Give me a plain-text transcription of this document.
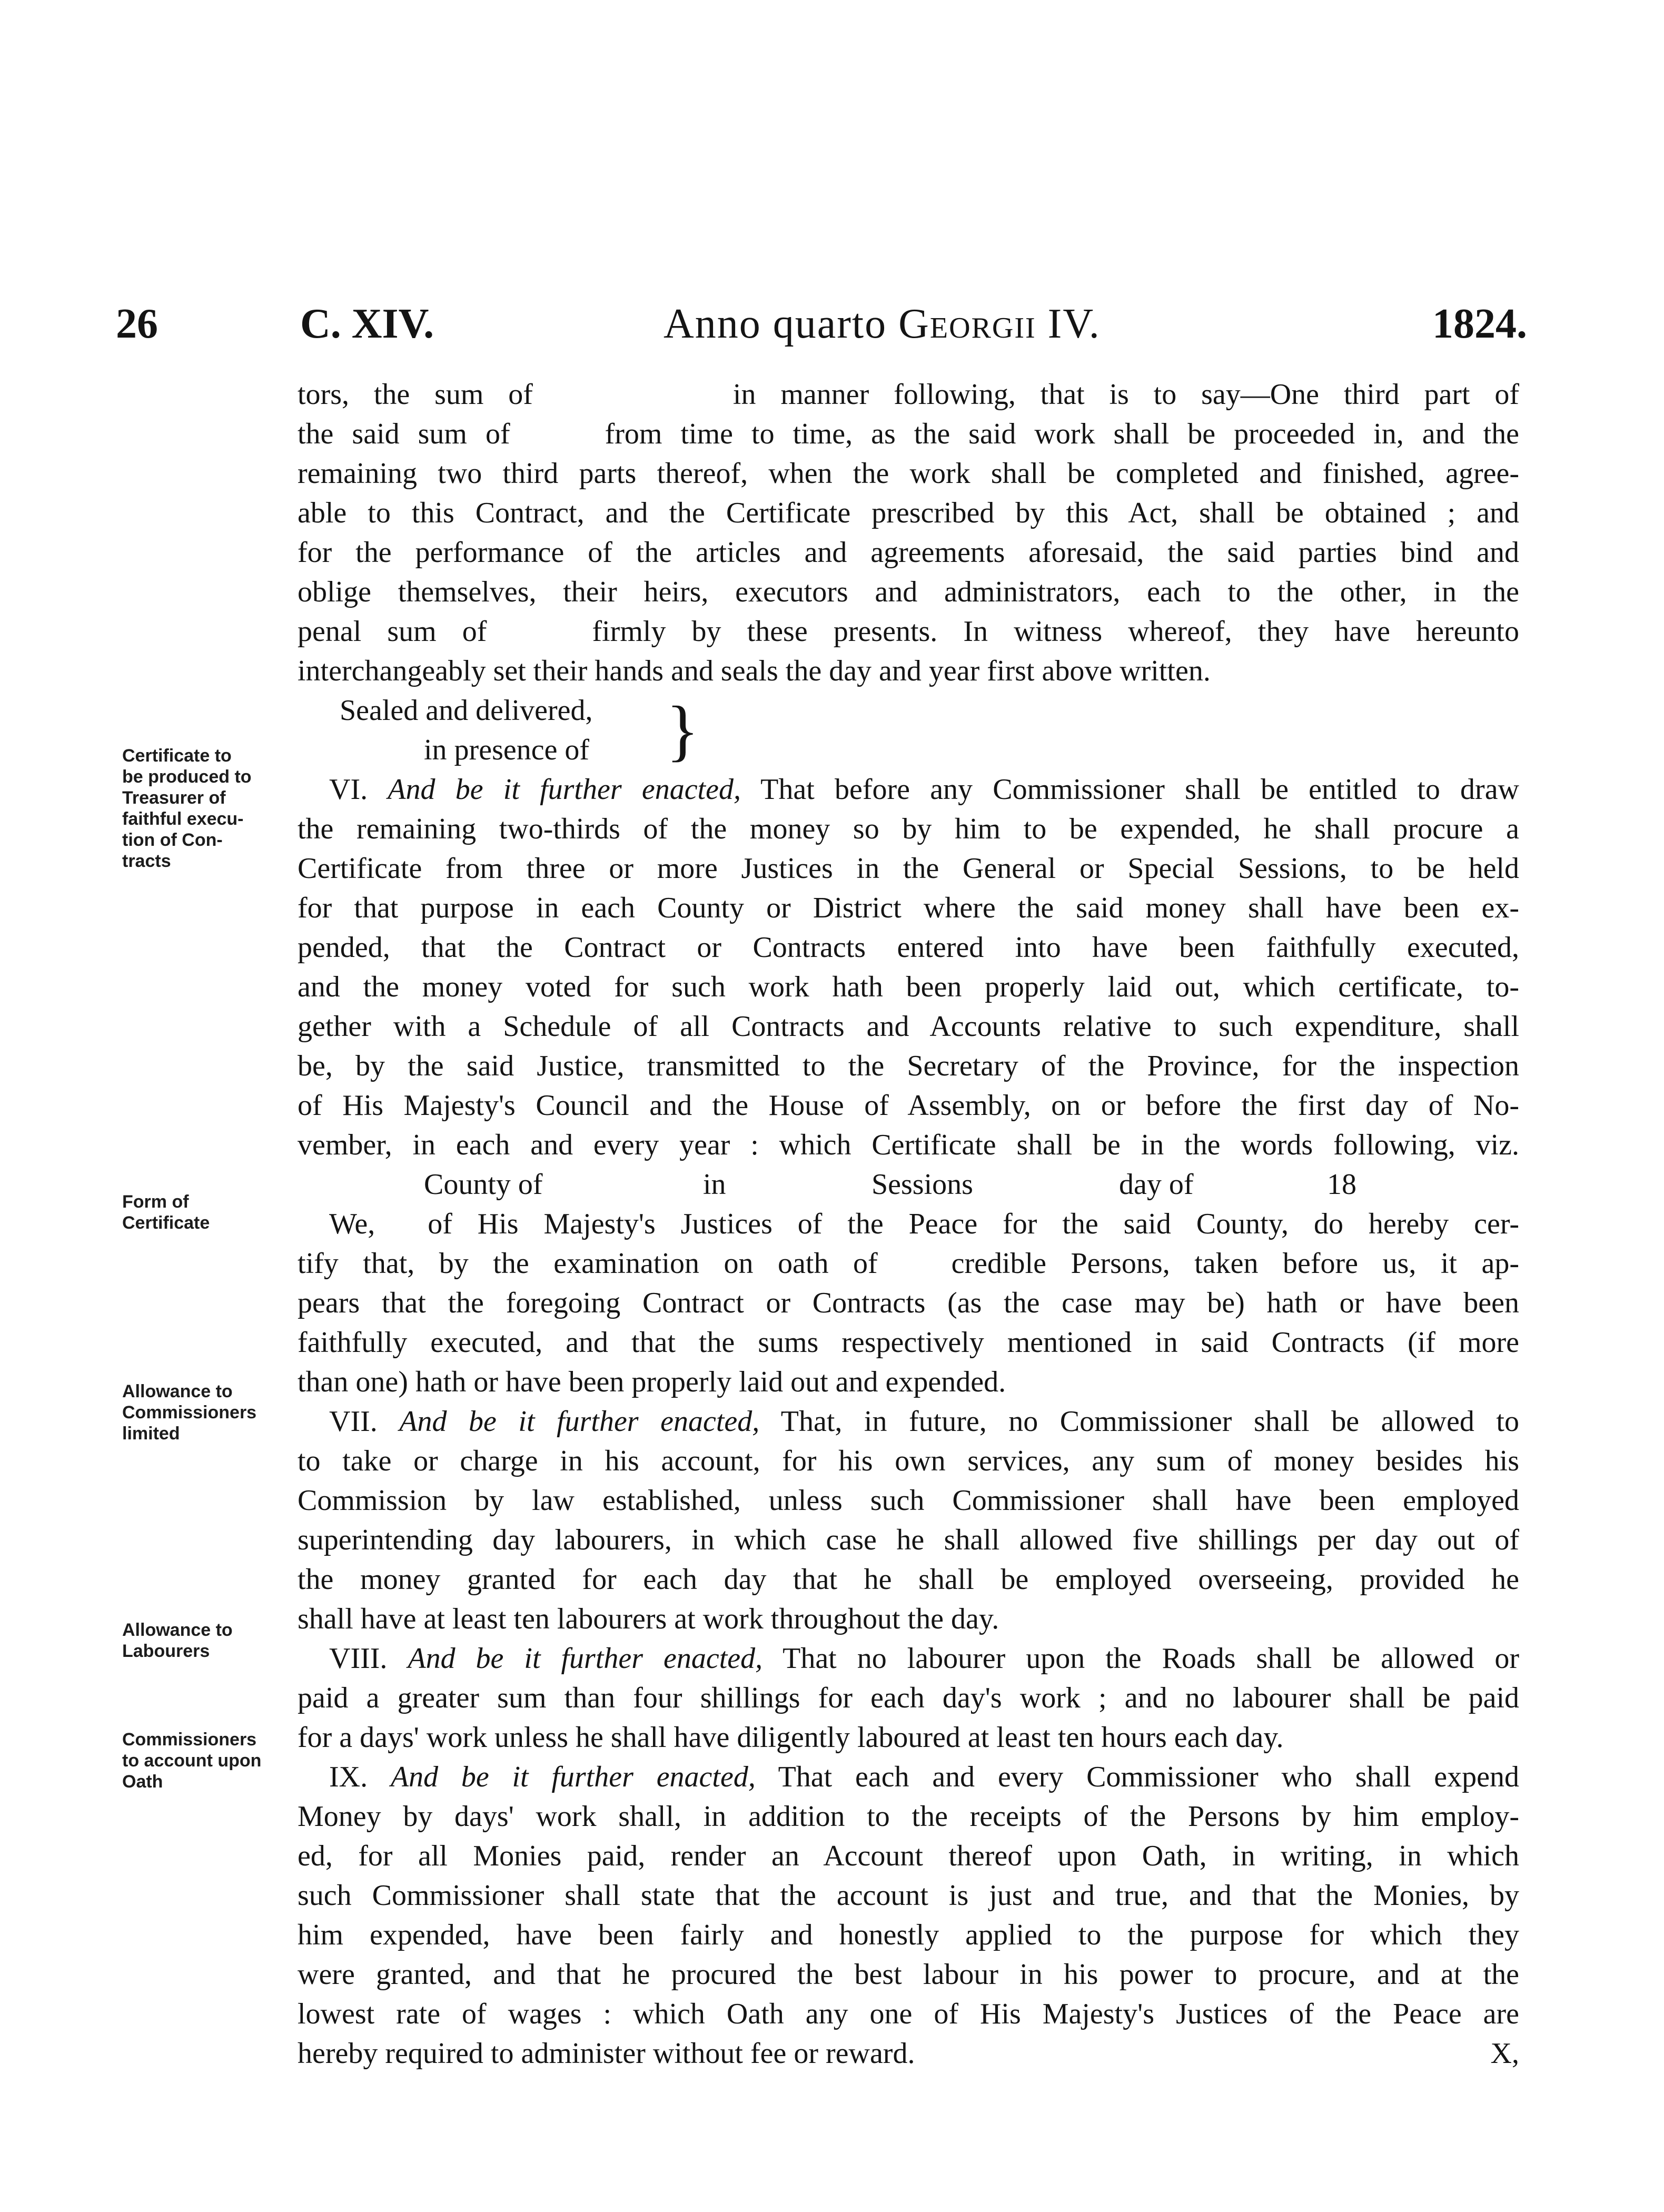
26	C. XIV.	Anno quarto Georgii IV.	1824.
Certificate to
be produced to
Treasurer of
faithful execu-
tion of Con-
tracts
Form of
Certificate
Allowance to
Commissioners
limited
Allowance to
Labourers
Commissioners
to account upon
Oath
tors, the sum of	in manner following, that is to say—One third part of
the said sum of	from time to time, as the said work shall be proceeded in, and the
remaining two third parts thereof, when the work shall be completed and finished, agree-
able to this Contract, and the Certificate prescribed by this Act, shall be obtained ; and
for the performance of the articles and agreements aforesaid, the said parties bind and
oblige themselves, their heirs, executors and administrators, each to the other, in the
penal sum of	firmly by these presents. In witness whereof, they have hereunto
interchangeably set their hands and seals the day and year first above written.
Sealed and delivered,
in presence of }
VI. And be it further enacted, That before any Commissioner shall be entitled to draw
the remaining two-thirds of the money so by him to be expended, he shall procure a
Certificate from three or more Justices in the General or Special Sessions, to be held
for that purpose in each County or District where the said money shall have been ex-
pended, that the Contract or Contracts entered into have been faithfully executed,
and the money voted for such work hath been properly laid out, which certificate, to-
gether with a Schedule of all Contracts and Accounts relative to such expenditure, shall
be, by the said Justice, transmitted to the Secretary of the Province, for the inspection
of His Majesty's Council and the House of Assembly, on or before the first day of No-
vember, in each and every year : which Certificate shall be in the words following, viz.
County of	in	Sessions	day of	18
We, of His Majesty's Justices of the Peace for the said County, do hereby cer-
tify that, by the examination on oath of	credible Persons, taken before us, it ap-
pears that the foregoing Contract or Contracts (as the case may be) hath or have been
faithfully executed, and that the sums respectively mentioned in said Contracts (if more
than one) hath or have been properly laid out and expended.
VII. And be it further enacted, That, in future, no Commissioner shall be allowed to
to take or charge in his account, for his own services, any sum of money besides his
Commission by law established, unless such Commissioner shall have been employed
superintending day labourers, in which case he shall allowed five shillings per day out of
the money granted for each day that he shall be employed overseeing, provided he
shall have at least ten labourers at work throughout the day.
VIII. And be it further enacted, That no labourer upon the Roads shall be allowed or
paid a greater sum than four shillings for each day's work ; and no labourer shall be paid
for a days' work unless he shall have diligently laboured at least ten hours each day.
IX. And be it further enacted, That each and every Commissioner who shall expend
Money by days' work shall, in addition to the receipts of the Persons by him employ-
ed, for all Monies paid, render an Account thereof upon Oath, in writing, in which
such Commissioner shall state that the account is just and true, and that the Monies, by
him expended, have been fairly and honestly applied to the purpose for which they
were granted, and that he procured the best labour in his power to procure, and at the
lowest rate of wages : which Oath any one of His Majesty's Justices of the Peace are
hereby required to administer without fee or reward.	X,
